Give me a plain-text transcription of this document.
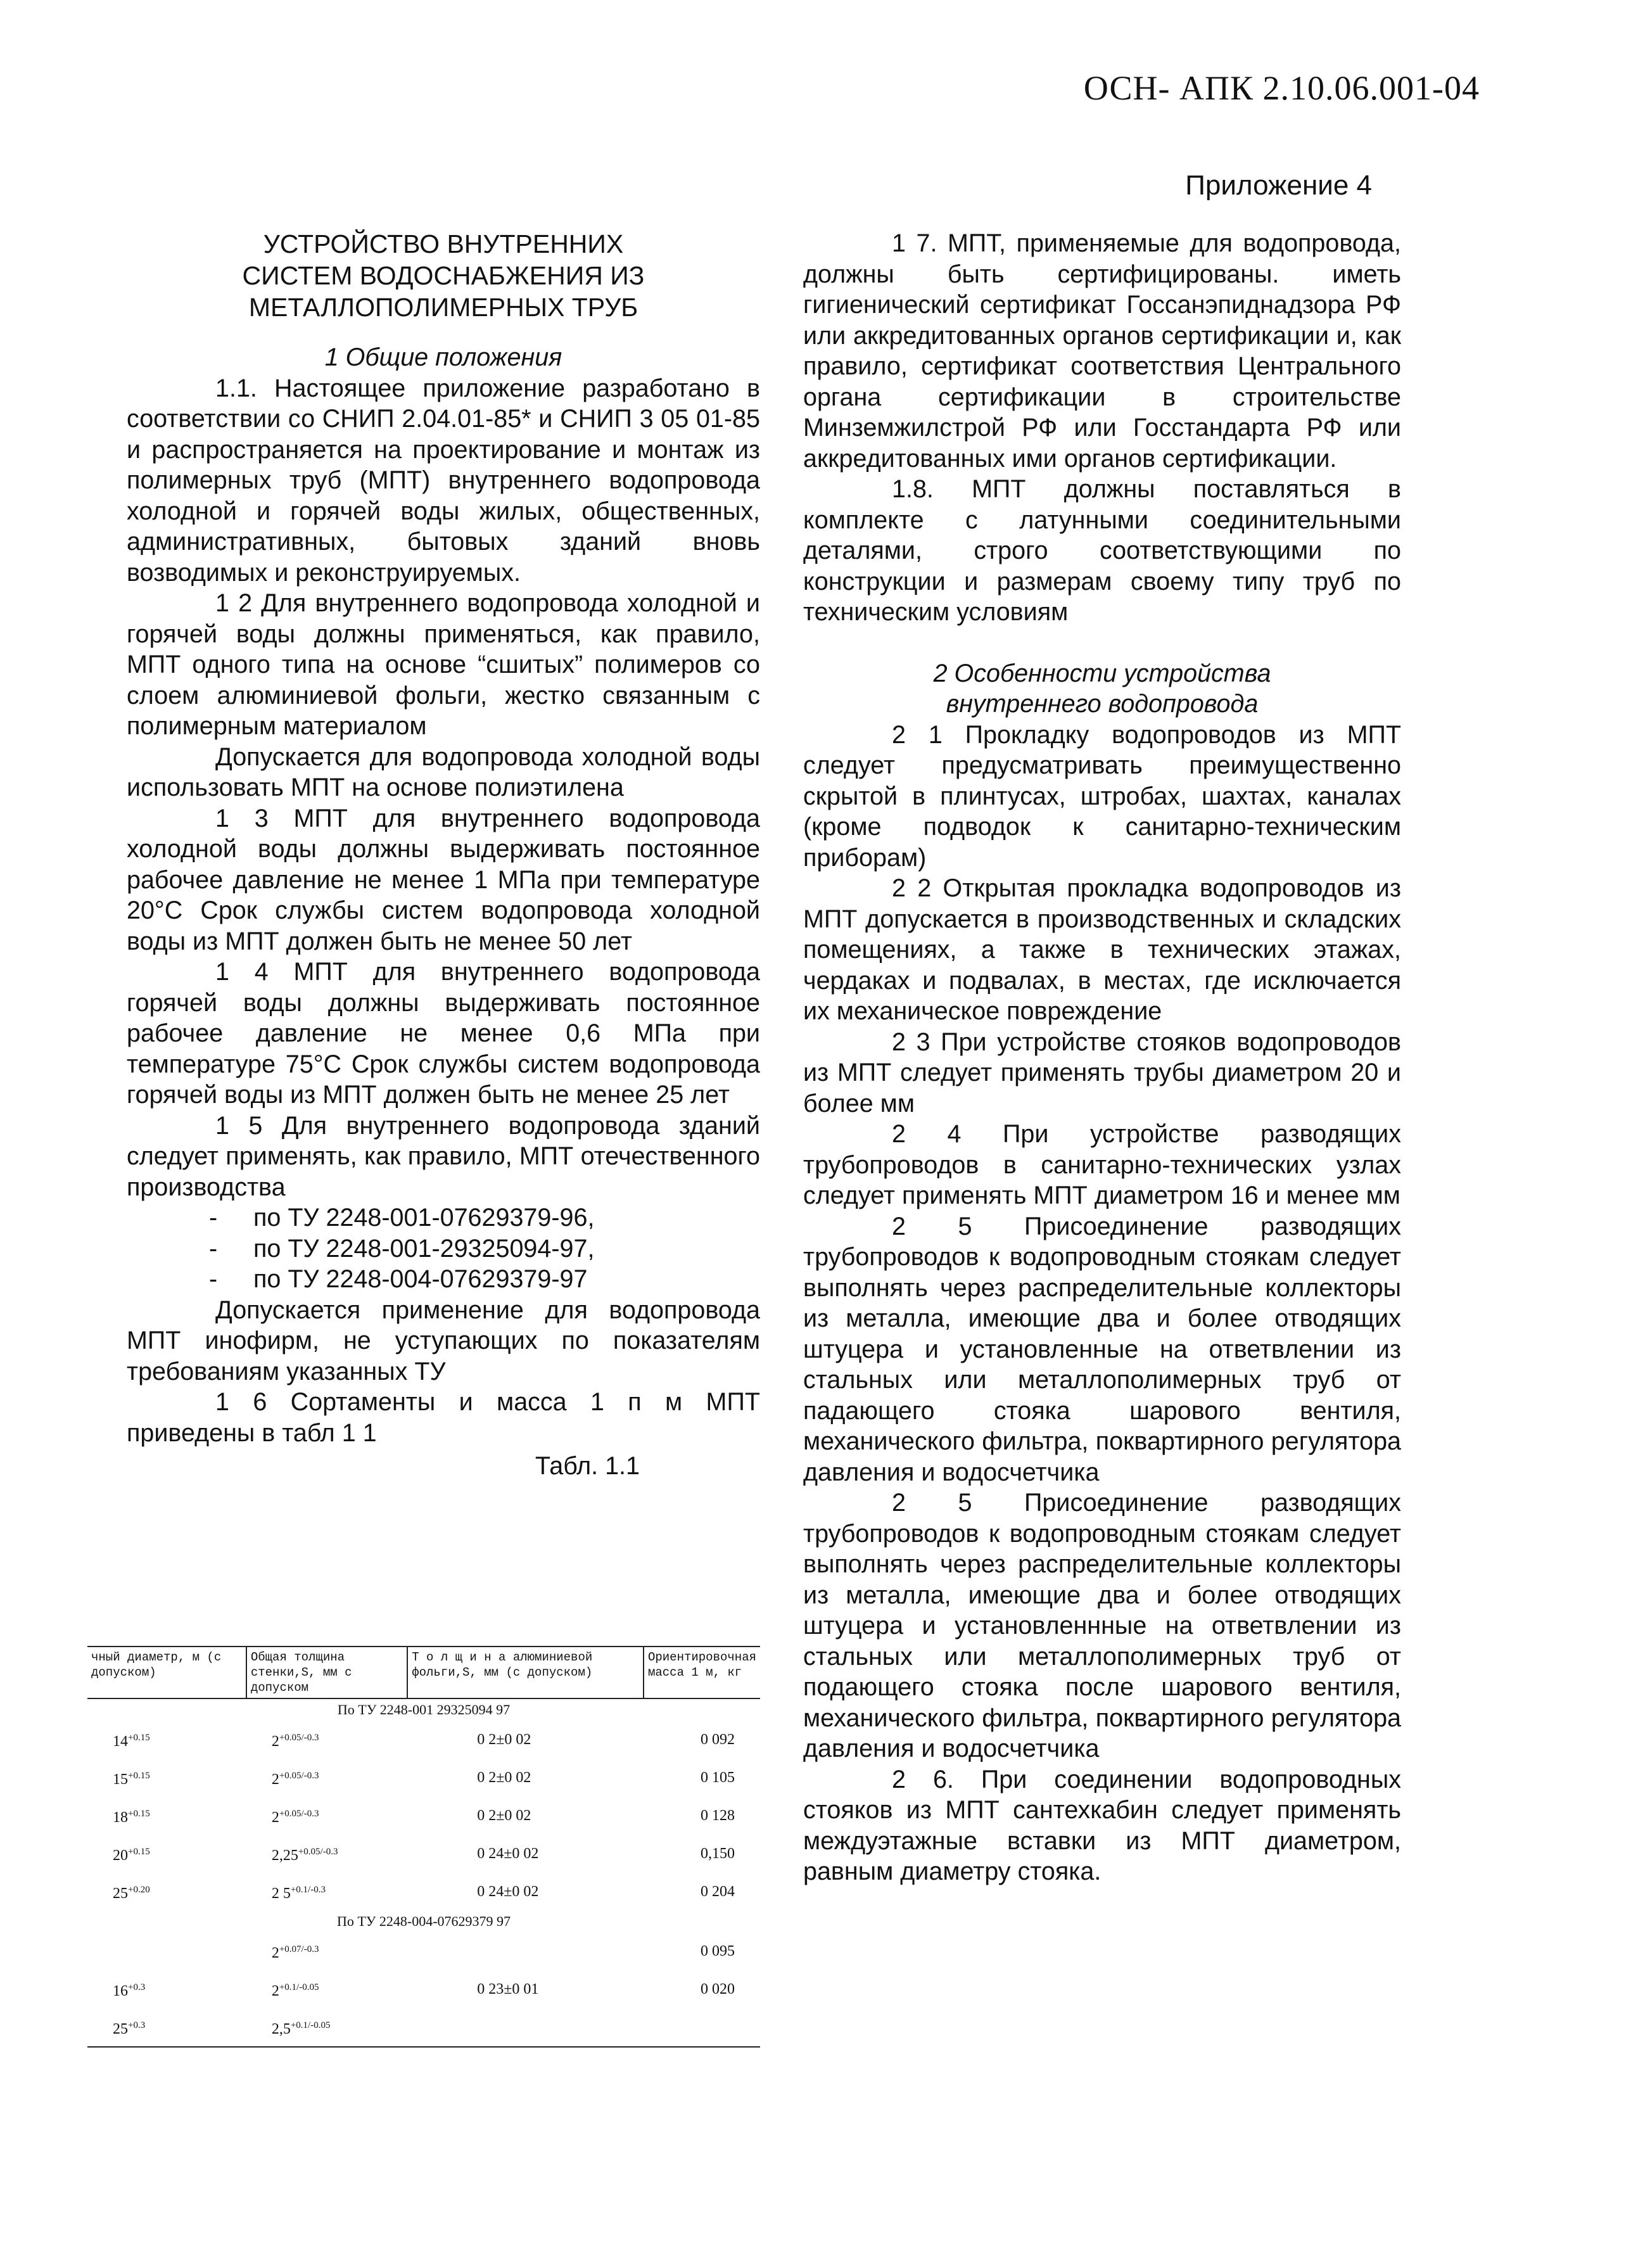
ОСН- АПК 2.10.06.001-04
Приложение 4
УСТРОЙСТВО ВНУТРЕННИХ
СИСТЕМ ВОДОСНАБЖЕНИЯ ИЗ
МЕТАЛЛОПОЛИМЕРНЫХ ТРУБ
1 Общие положения

1.1. Настоящее приложение разработано в соответствии со СНИП 2.04.01-85* и СНИП 3 05 01-85 и распространяется на проектирование и монтаж из полимерных труб (МПТ) внутреннего водопровода холодной и горячей воды жилых, общественных, административных, бытовых зданий вновь возводимых и реконструируемых.

1 2 Для внутреннего водопровода холодной и горячей воды должны применяться, как правило, МПТ одного типа на основе “сшитых” полимеров со слоем алюминиевой фольги, жестко связанным с полимерным материалом

Допускается для водопровода холодной воды использовать МПТ на основе полиэтилена

1 3 МПТ для внутреннего водопровода холодной воды должны выдерживать постоянное рабочее давление не менее 1 МПа при температуре 20°С Срок службы систем водопровода холодной воды из МПТ должен быть не менее 50 лет

1 4 МПТ для внутреннего водопровода горячей воды должны выдерживать постоянное рабочее давление не менее 0,6 МПа при температуре 75°С Срок службы систем водопровода горячей воды из МПТ должен быть не менее 25 лет

1 5 Для внутреннего водопровода зданий следует применять, как правило, МПТ отечественного производства

- по ТУ 2248-001-07629379-96,
- по ТУ 2248-001-29325094-97,
- по ТУ 2248-004-07629379-97

Допускается применение для водопровода МПТ инофирм, не уступающих по показателям требованиям указанных ТУ

1 6 Сортаменты и масса 1 п м МПТ приведены в табл 1 1

Табл. 1.1
чный диаметр, м (с допуском)	Общая толщина стенки,S, мм с допуском	Т о л щ и н а алюминиевой фольги,S, мм (с допуском)	Ориентировочная масса 1 м, кг
По ТУ 2248-001 29325094 97			
$14^{+0.15}$	$2^{+0.05/-0.3}$	0 2±0 02	0 092
$15^{+0.15}$	$2^{+0.05/-0.3}$	0 2±0 02	0 105
$18^{+0.15}$	$2^{+0.05/-0.3}$	0 2±0 02	0 128
$20^{+0.15}$	$2,25^{+0.05/-0.3}$	0 24±0 02	0,150
$25^{+0.20}$	2 $5^{+0.1/-0.3}$	0 24±0 02	0 204
По ТУ 2248-004-07629379 97			
	$2^{+0.07/-0.3}$		0 095
$16^{+0.3}$	$2^{+0.1/-0.05}$	0 23±0 01	0 020
$25^{+0.3}$	$2,5^{+0.1/-0.05}$		

1 7. МПТ, применяемые для водопровода, должны быть сертифицированы. иметь гигиенический сертификат Госсанэпиднадзора РФ или аккредитованных органов сертификации и, как правило, сертификат соответствия Центрального органа сертификации в строительстве Минземжилстрой РФ или Госстандарта РФ или аккредитованных ими органов сертификации.

1.8. МПТ должны поставляться в комплекте с латунными соединительными деталями, строго соответствующими по конструкции и размерам своему типу труб по техническим условиям

2 Особенности устройства
внутреннего водопровода

2 1 Прокладку водопроводов из МПТ следует предусматривать преимущественно скрытой в плинтусах, штробах, шахтах, каналах (кроме подводок к санитарно-техническим приборам)

2 2 Открытая прокладка водопроводов из МПТ допускается в производственных и складских помещениях, а также в технических этажах, чердаках и подвалах, в местах, где исключается их механическое повреждение

2 3 При устройстве стояков водопроводов из МПТ следует применять трубы диаметром 20 и более мм

2 4 При устройстве разводящих трубопроводов в санитарно-технических узлах следует применять МПТ диаметром 16 и менее мм

2 5 Присоединение разводящих трубопроводов к водопроводным стоякам следует выполнять через распределительные коллекторы из металла, имеющие два и более отводящих штуцера и установленные на ответвлении из стальных или металлополимерных труб от падающего стояка шарового вентиля, механического фильтра, поквартирного регулятора давления и водосчетчика

2 5 Присоединение разводящих трубопроводов к водопроводным стоякам следует выполнять через распределительные коллекторы из металла, имеющие два и более отводящих штуцера и установленнные на ответвлении из стальных или металлополимерных труб от подающего стояка после шарового вентиля, механического фильтра, поквартирного регулятора давления и водосчетчика

2 6. При соединении водопроводных стояков из МПТ сантехкабин следует применять междуэтажные вставки из МПТ диаметром, равным диаметру стояка.
